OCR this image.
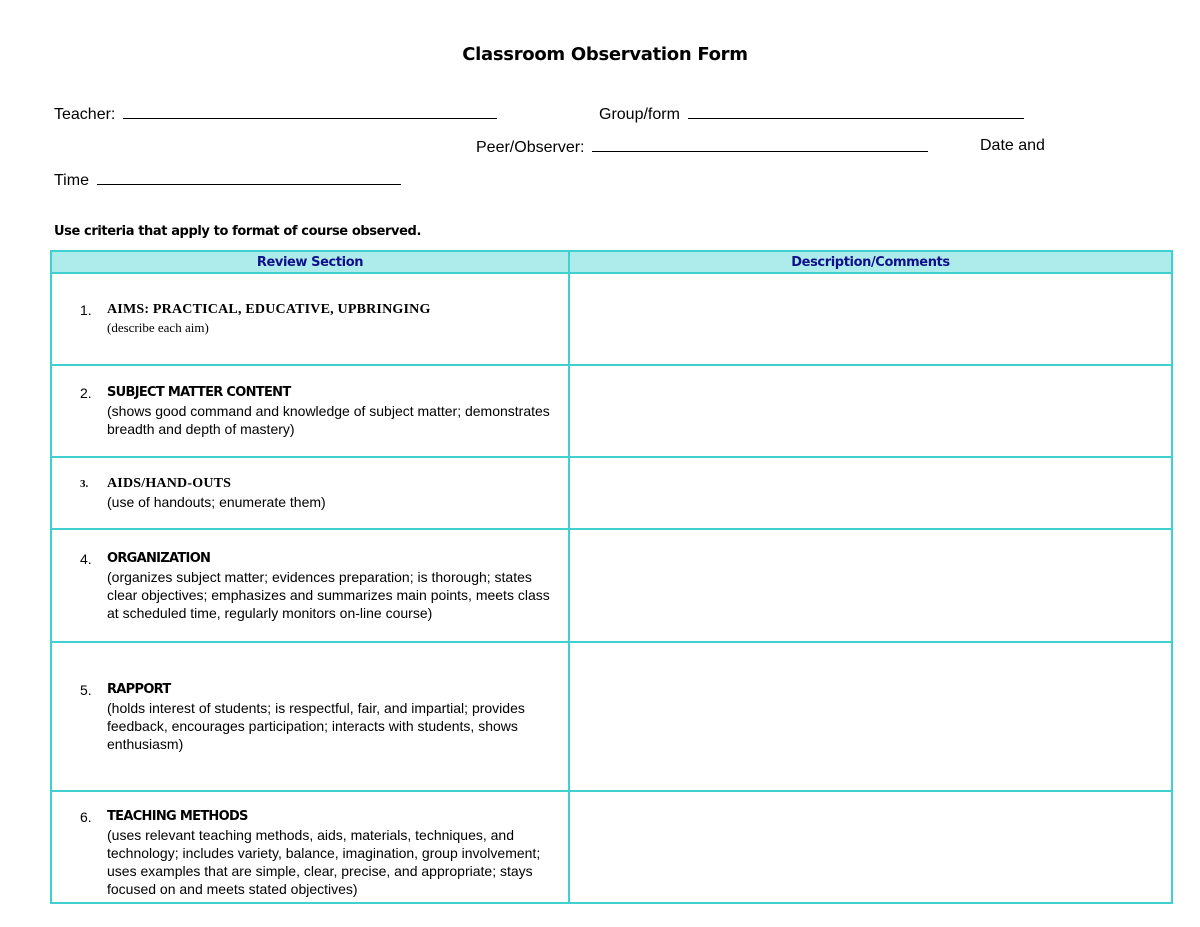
Classroom Observation Form
Teacher:	Group/form
Peer/Observer:	Date and
Time
Use criteria that apply to format of course observed.
Review Section	Description/Comments

1. AIMS: PRACTICAL, EDUCATIVE, UPBRINGING
(describe each aim)	

2. SUBJECT MATTER CONTENT
(shows good command and knowledge of subject matter; demonstrates breadth and depth of mastery)	

3. AIDS/HAND-OUTS
(use of handouts; enumerate them)	

4. ORGANIZATION
(organizes subject matter; evidences preparation; is thorough; states clear objectives; emphasizes and summarizes main points, meets class at scheduled time, regularly monitors on-line course)	

5. RAPPORT
(holds interest of students; is respectful, fair, and impartial; provides feedback, encourages participation; interacts with students, shows enthusiasm)	

6. TEACHING METHODS
(uses relevant teaching methods, aids, materials, techniques, and technology; includes variety, balance, imagination, group involvement; uses examples that are simple, clear, precise, and appropriate; stays focused on and meets stated objectives)	
